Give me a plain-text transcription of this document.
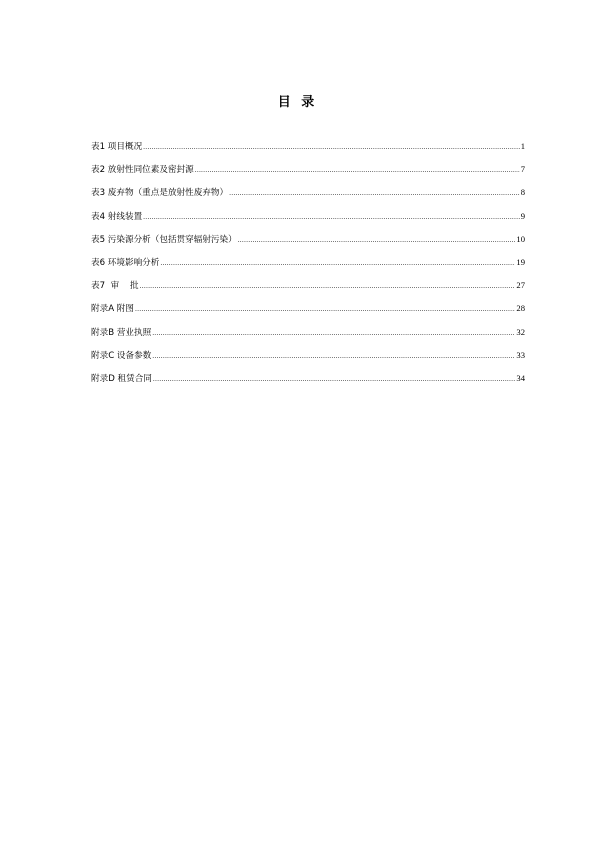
目 录
表1 项目概况 .....	1
表2 放射性同位素及密封源 .....	7
表3 废弃物（重点是放射性废弃物） .....	8
表4 射线装置 .....	9
表5 污染源分析（包括贯穿辐射污染） .....	10
表6 环境影响分析 .....	19
表7  审    批 .....	27
附录A 附图 .....	28
附录B 营业执照 .....	32
附录C 设备参数 .....	33
附录D 租赁合同 .....	34
